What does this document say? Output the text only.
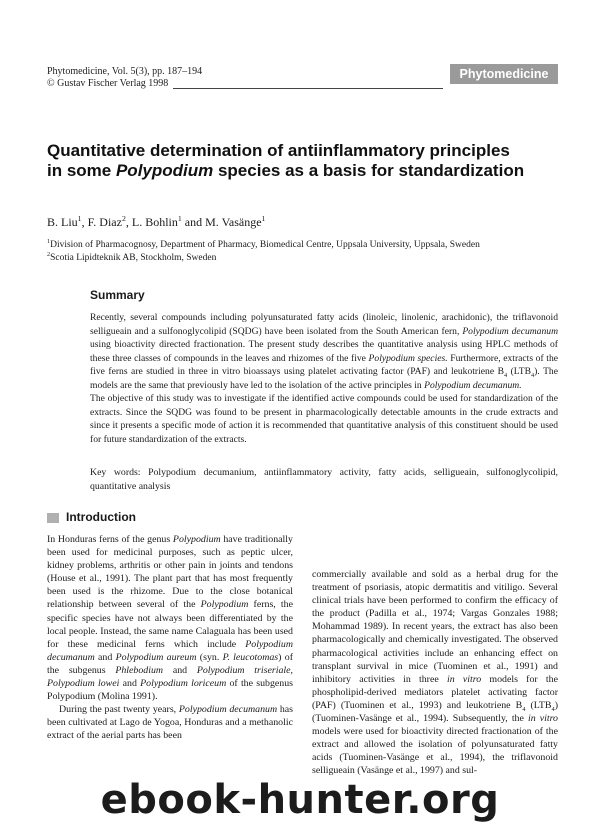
Phytomedicine, Vol. 5(3), pp. 187–194
© Gustav Fischer Verlag 1998
Phytomedicine
Quantitative determination of antiinflammatory principles in some Polypodium species as a basis for standardization
B. Liu$^1$, F. Diaz$^2$, L. Bohlin$^1$ and M. Vasänge$^1$
$^1$Division of Pharmacognosy, Department of Pharmacy, Biomedical Centre, Uppsala University, Uppsala, Sweden
$^2$Scotia Lipidteknik AB, Stockholm, Sweden
Summary

Recently, several compounds including polyunsaturated fatty acids (linoleic, linolenic, arachidonic), the triflavonoid selligueain and a sulfonoglycolipid (SQDG) have been isolated from the South American fern, Polypodium decumanum using bioactivity directed fractionation. The present study describes the quantitative analysis using HPLC methods of these three classes of compounds in the leaves and rhizomes of the five Polypodium species. Furthermore, extracts of the five ferns are studied in three in vitro bioassays using platelet activating factor (PAF) and leukotriene $B_4$ $(LTB_4)$. The models are the same that previously have led to the isolation of the active principles in Polypodium decumanum.

The objective of this study was to investigate if the identified active compounds could be used for standardization of the extracts. Since the SQDG was found to be present in pharmacologically detectable amounts in the crude extracts and since it presents a specific mode of action it is recommended that quantitative analysis of this constituent should be used for future standardization of the extracts.

Key words: Polypodium decumanium, antiinflammatory activity, fatty acids, selligueain, sulfonoglycolipid, quantitative analysis
Introduction

In Honduras ferns of the genus Polypodium have traditionally been used for medicinal purposes, such as peptic ulcer, kidney problems, arthritis or other pain in joints and tendons (House et al., 1991). The plant part that has most frequently been used is the rhizome. Due to the close botanical relationship between several of the Polypodium ferns, the specific species have not always been differentiated by the local people. Instead, the same name Calaguala has been used for these medicinal ferns which include Polypodium decumanum and Polypodium aureum (syn. P. leucotomas) of the subgenus Phlebodium and Polypodium triseriale, Polypodium lowei and Polypodium loriceum of the subgenus Polypodium (Molina 1991).

During the past twenty years, Polypodium decumanum has been cultivated at Lago de Yogoa, Honduras and a methanolic extract of the aerial parts has been

commercially available and sold as a herbal drug for the treatment of psoriasis, atopic dermatitis and vitiligo. Several clinical trials have been performed to confirm the efficacy of the product (Padilla et al., 1974; Vargas Gonzales 1988; Mohammad 1989). In recent years, the extract has also been pharmacologically and chemically investigated. The observed pharmacological activities include an enhancing effect on transplant survival in mice (Tuominen et al., 1991) and inhibitory activities in three in vitro models for the phospholipid-derived mediators platelet activating factor (PAF) (Tuominen et al., 1993) and leukotriene $B_4$ $(LTB_4)$ (Tuominen-Vasänge et al., 1994). Subsequently, the in vitro models were used for bioactivity directed fractionation of the extract and allowed the isolation of polyunsaturated fatty acids (Tuominen-Vasänge et al., 1994), the triflavonoid selligueain (Vasänge et al., 1997) and sul-

ebook-hunter.org
